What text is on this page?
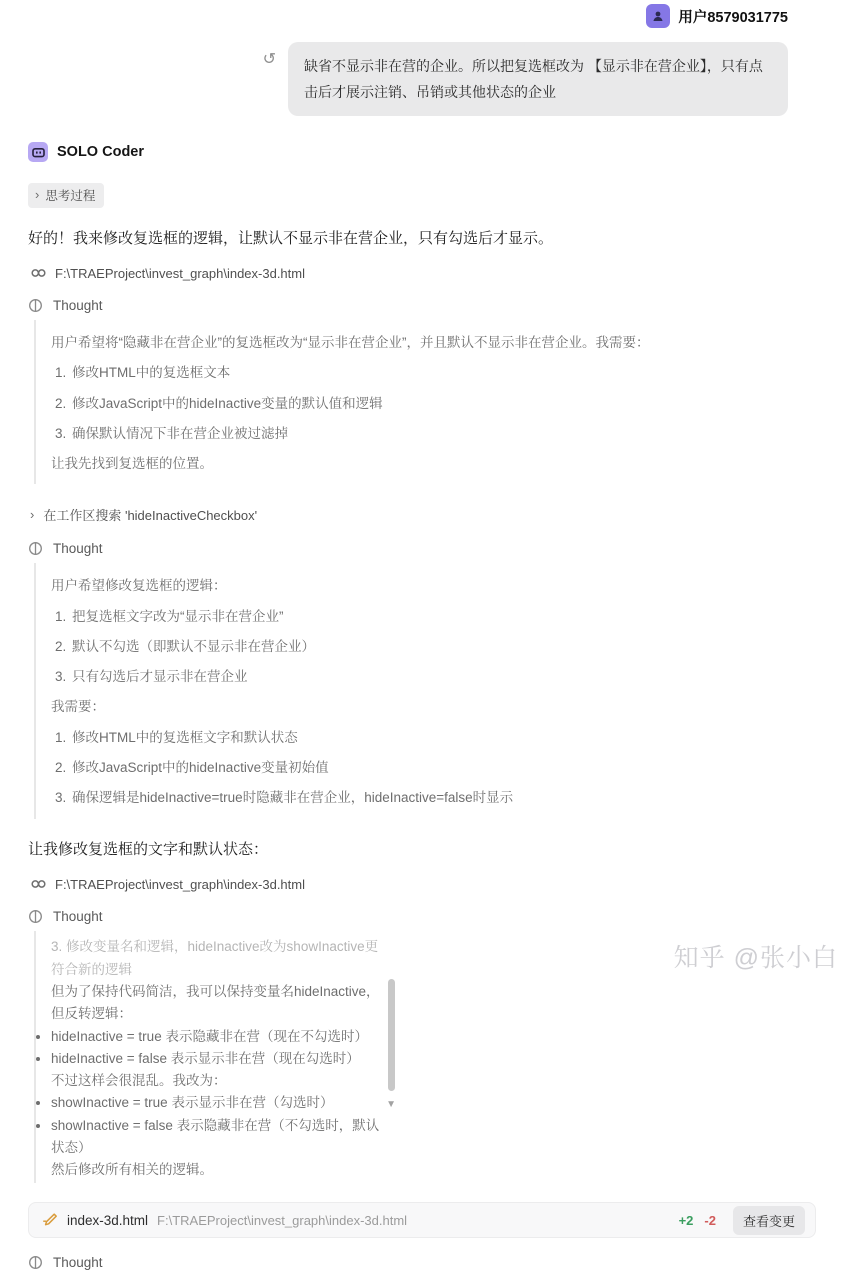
用户8579031775
↺	缺省不显示非在营的企业。所以把复选框改为 【显示非在营企业】，只有点击后才展示注销、吊销或其他状态的企业
SOLO Coder
› 思考过程
好的！我来修改复选框的逻辑，让默认不显示非在营企业，只有勾选后才显示。
F:\TRAEProject\invest_graph\index-3d.html
Thought

用户希望将“隐藏非在营企业”的复选框改为“显示非在营企业”，并且默认不显示非在营企业。我需要：

1. 修改HTML中的复选框文本
2. 修改JavaScript中的hideInactive变量的默认值和逻辑
3. 确保默认情况下非在营企业被过滤掉

让我先找到复选框的位置。

› 在工作区搜索 'hideInactiveCheckbox'
Thought

用户希望修改复选框的逻辑：

1. 把复选框文字改为“显示非在营企业”
2. 默认不勾选（即默认不显示非在营企业）
3. 只有勾选后才显示非在营企业

我需要：

1. 修改HTML中的复选框文字和默认状态
2. 修改JavaScript中的hideInactive变量初始值
3. 确保逻辑是hideInactive=true时隐藏非在营企业，hideInactive=false时显示
让我修改复选框的文字和默认状态：
F:\TRAEProject\invest_graph\index-3d.html
Thought

3. 修改变量名和逻辑，hideInactive改为showInactive更符合新的逻辑

但为了保持代码简洁，我可以保持变量名hideInactive，但反转逻辑：

• hideInactive = true 表示隐藏非在营（现在不勾选时）
• hideInactive = false 表示显示非在营（现在勾选时）

不过这样会很混乱。我改为：

• showInactive = true 表示显示非在营（勾选时）
• showInactive = false 表示隐藏非在营（不勾选时，默认状态）

然后修改所有相关的逻辑。

▼
index-3d.html F:\TRAEProject\invest_graph\index-3d.html	+2 -2	查看变更
Thought
知乎 @张小白
